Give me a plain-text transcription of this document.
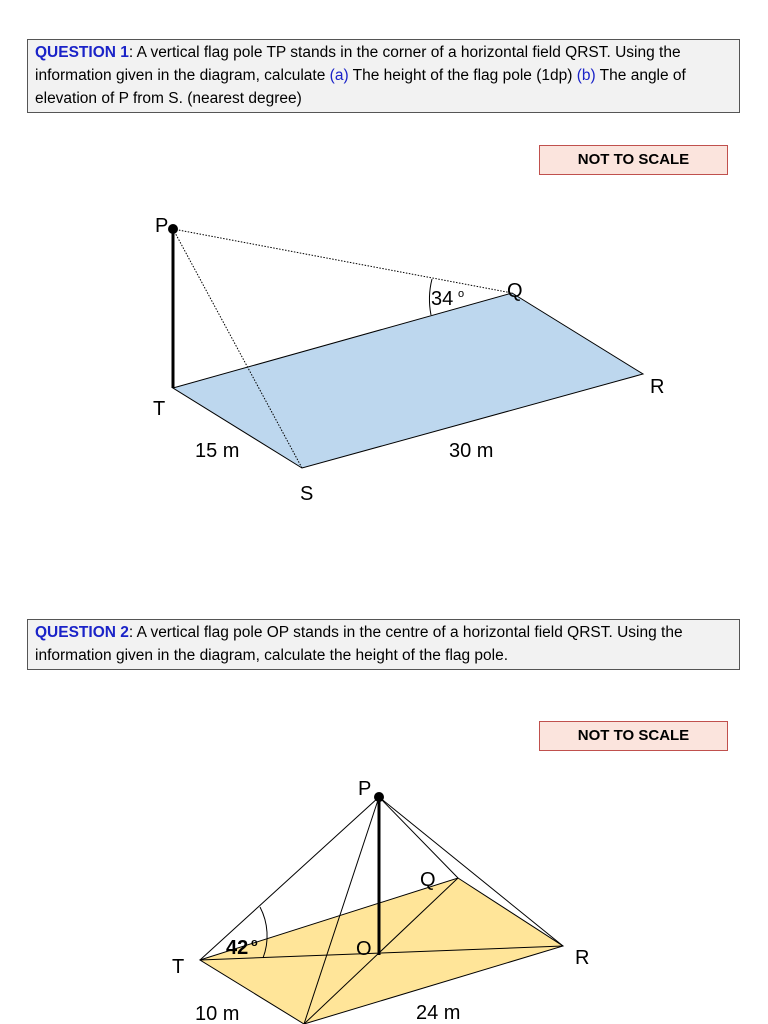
QUESTION 1: A vertical flag pole TP stands in the corner of a horizontal field QRST. Using the information given in the diagram, calculate (a) The height of the flag pole (1dp) (b) The angle of elevation of P from S. (nearest degree)
NOT TO SCALE
QUESTION 2: A vertical flag pole OP stands in the centre of a horizontal field QRST. Using the information given in the diagram, calculate the height of the flag pole.
NOT TO SCALE
P
Q
R
T
S
34 o
15 m	30 m
P
Q
R
O
T
42 o
10 m	24 m
